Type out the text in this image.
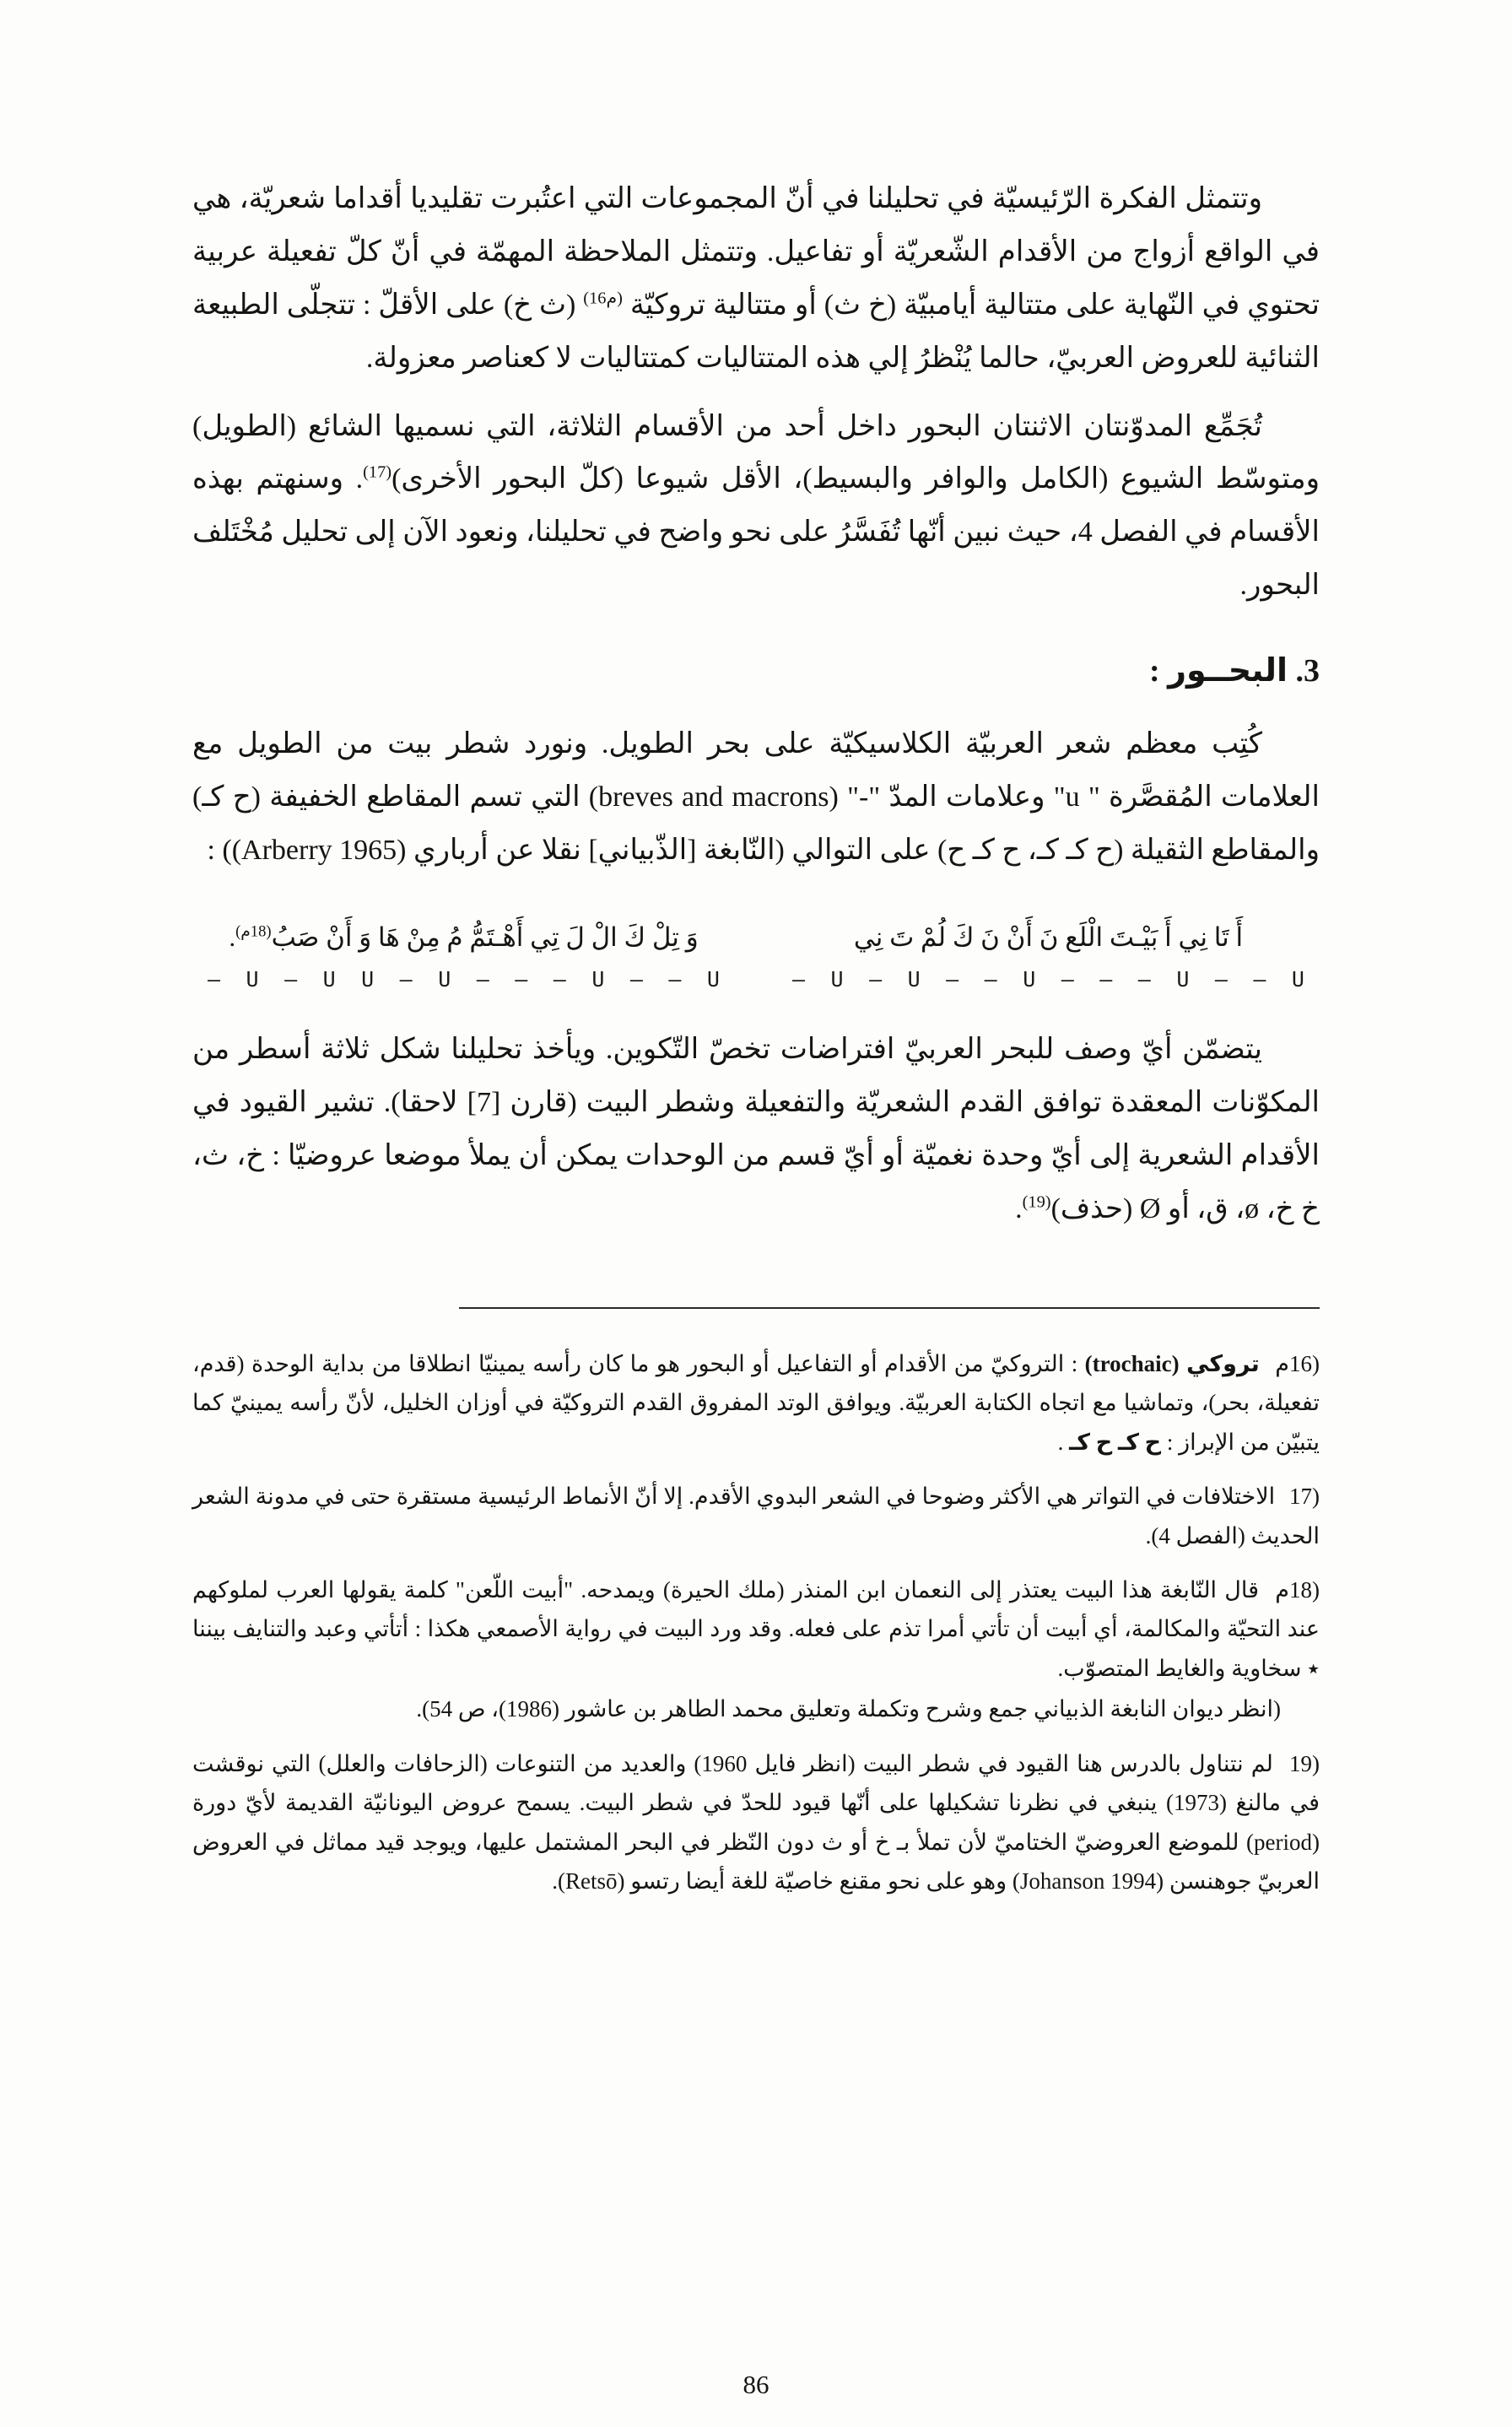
وتتمثل الفكرة الرّئيسيّة في تحليلنا في أنّ المجموعات التي اعتُبرت تقليديا أقداما شعريّة، هي في الواقع أزواج من الأقدام الشّعريّة أو تفاعيل. وتتمثل الملاحظة المهمّة في أنّ كلّ تفعيلة عربية تحتوي في النّهاية على متتالية أيامبيّة (خ ث) أو متتالية تروكيّة $^{(16‎م)}$ (ث خ) على الأقلّ : تتجلّى الطبيعة الثنائية للعروض العربيّ، حالما يُنْظرُ إلي هذه المتتاليات كمتتاليات لا كعناصر معزولة.

تُجَمِّع المدوّنتان الاثنتان البحور داخل أحد من الأقسام الثلاثة، التي نسميها الشائع (الطويل) ومتوسّط الشيوع (الكامل والوافر والبسيط)، الأقل شيوعا (كلّ البحور الأخرى)$^{(17)}$. وسنهتم بهذه الأقسام في الفصل 4، حيث نبين أنّها تُفَسَّرُ على نحو واضح في تحليلنا، ونعود الآن إلى تحليل مُخْتَلف البحور.

3. البحــور :

كُتِب معظم شعر العربيّة الكلاسيكيّة على بحر الطويل. ونورد شطر بيت من الطويل مع العلامات المُقصَّرة " u" وعلامات المدّ "-" (breves and macrons) التي تسم المقاطع الخفيفة (ح كـ) والمقاطع الثقيلة (ح كـ كـ، ح كـ ح) على التوالي (النّابغة [الذّبياني] نقلا عن أرباري (Arberry 1965)) :

أَ تَا نِي أَ بَيْـتَ الْلَع نَ أَنْ نَ كَ لُمْ تَ نِي
– U – U – – U – – – U – – U
وَ تِلْ كَ الْ لَ تِي أَهْـتَمُّ مُ مِنْ هَا وَ أَنْ صَبُ$^{(م‎18)}$.
– U – U U – U – – – U – – U

يتضمّن أيّ وصف للبحر العربيّ افتراضات تخصّ التّكوين. ويأخذ تحليلنا شكل ثلاثة أسطر من المكوّنات المعقدة توافق القدم الشعريّة والتفعيلة وشطر البيت (قارن [7] لاحقا). تشير القيود في الأقدام الشعرية إلى أيّ وحدة نغميّة أو أيّ قسم من الوحدات يمكن أن يملأ موضعا عروضيّا : خ، ث، خ خ، ø، ق، أو Ø (حذف)$^{(19)}$.

م‎16) تروكي (trochaic) : التروكيّ من الأقدام أو التفاعيل أو البحور هو ما كان رأسه يمينيّا انطلاقا من بداية الوحدة (قدم، تفعيلة، بحر)، وتماشيا مع اتجاه الكتابة العربيّة. ويوافق الوتد المفروق القدم التروكيّة في أوزان الخليل، لأنّ رأسه يمينيّ كما يتبيّن من الإبراز : ح كـ ح كـ .
17) الاختلافات في التواتر هي الأكثر وضوحا في الشعر البدوي الأقدم. إلا أنّ الأنماط الرئيسية مستقرة حتى في مدونة الشعر الحديث (الفصل 4).
م‎18) قال النّابغة هذا البيت يعتذر إلى النعمان ابن المنذر (ملك الحيرة) ويمدحه. "أبيت اللّعن" كلمة يقولها العرب لملوكهم عند التحيّة والمكالمة، أي أبيت أن تأتي أمرا تذم على فعله. وقد ورد البيت في رواية الأصمعي هكذا : أتأتي وعبد والتنايف بيننا ٭ سخاوية والغايط المتصوّب.
(انظر ديوان النابغة الذبياني جمع وشرح وتكملة وتعليق محمد الطاهر بن عاشور (1986)، ص 54).
19) لم نتناول بالدرس هنا القيود في شطر البيت (انظر فايل 1960) والعديد من التنوعات (الزحافات والعلل) التي نوقشت في مالنغ (1973) ينبغي في نظرنا تشكيلها على أنّها قيود للحدّ في شطر البيت. يسمح عروض اليونانيّة القديمة لأيّ دورة (period) للموضع العروضيّ الختاميّ لأن تملأ بـ خ أو ث دون النّظر في البحر المشتمل عليها، ويوجد قيد مماثل في العروض العربيّ جوهنسن (Johanson 1994) وهو على نحو مقنع خاصيّة للغة أيضا رتسو (Retsō).
86
